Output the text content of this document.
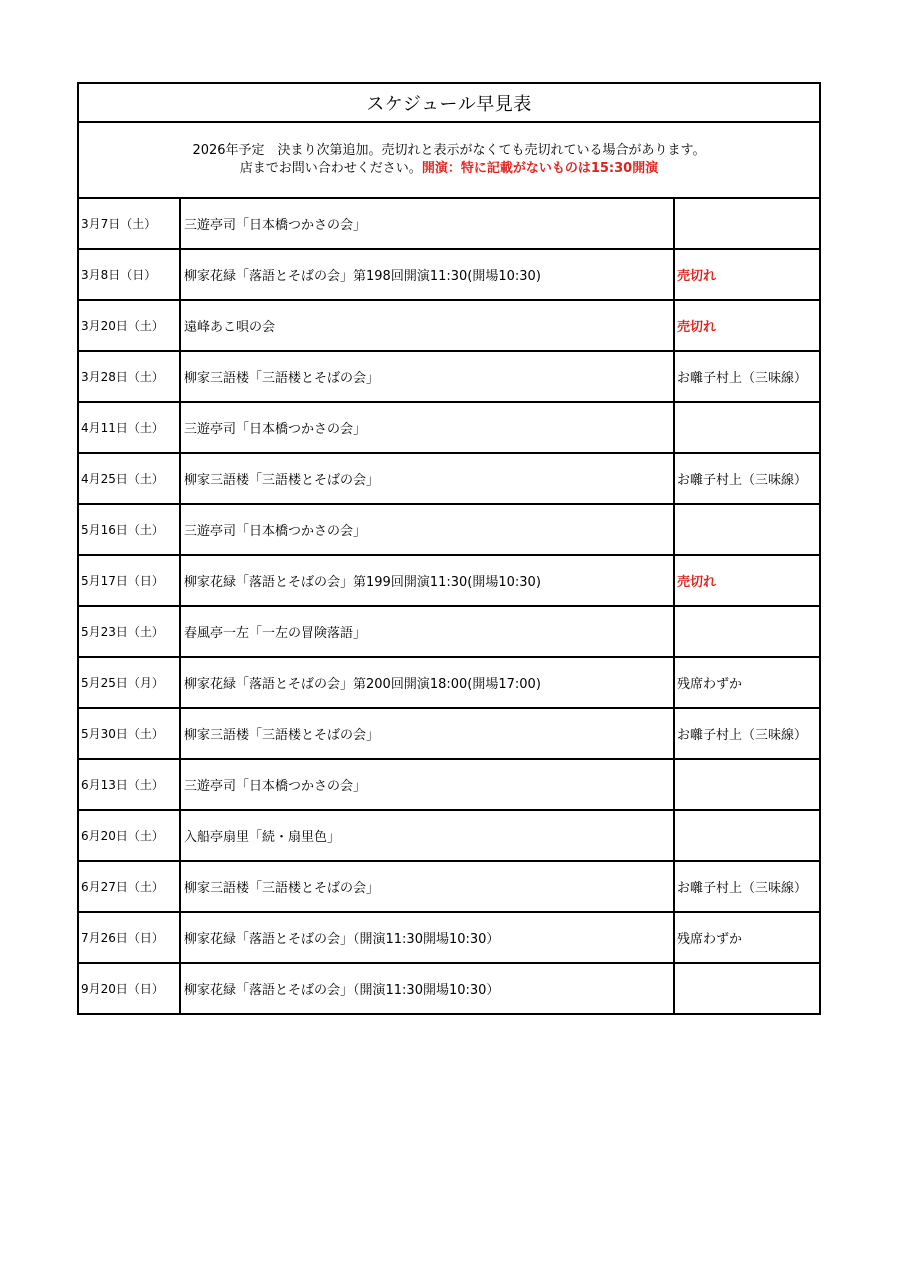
スケジュール早見表
2026年予定　決まり次第追加。売切れと表示がなくても売切れている場合があります。
店までお問い合わせください。開演：特に記載がないものは15:30開演
3月7日（土）	三遊亭司「日本橋つかさの会」
3月8日（日）	柳家花緑「落語とそばの会」第198回開演11:30(開場10:30)	売切れ
3月20日（土）	遠峰あこ唄の会	売切れ
3月28日（土）	柳家三語楼「三語楼とそばの会」	お囃子村上（三味線）
4月11日（土）	三遊亭司「日本橋つかさの会」
4月25日（土）	柳家三語楼「三語楼とそばの会」	お囃子村上（三味線）
5月16日（土）	三遊亭司「日本橋つかさの会」
5月17日（日）	柳家花緑「落語とそばの会」第199回開演11:30(開場10:30)	売切れ
5月23日（土）	春風亭一左「一左の冒険落語」
5月25日（月）	柳家花緑「落語とそばの会」第200回開演18:00(開場17:00)	残席わずか
5月30日（土）	柳家三語楼「三語楼とそばの会」	お囃子村上（三味線）
6月13日（土）	三遊亭司「日本橋つかさの会」
6月20日（土）	入船亭扇里「続・扇里色」
6月27日（土）	柳家三語楼「三語楼とそばの会」	お囃子村上（三味線）
7月26日（日）	柳家花緑「落語とそばの会」（開演11:30開場10:30）	残席わずか
9月20日（日）	柳家花緑「落語とそばの会」（開演11:30開場10:30）
